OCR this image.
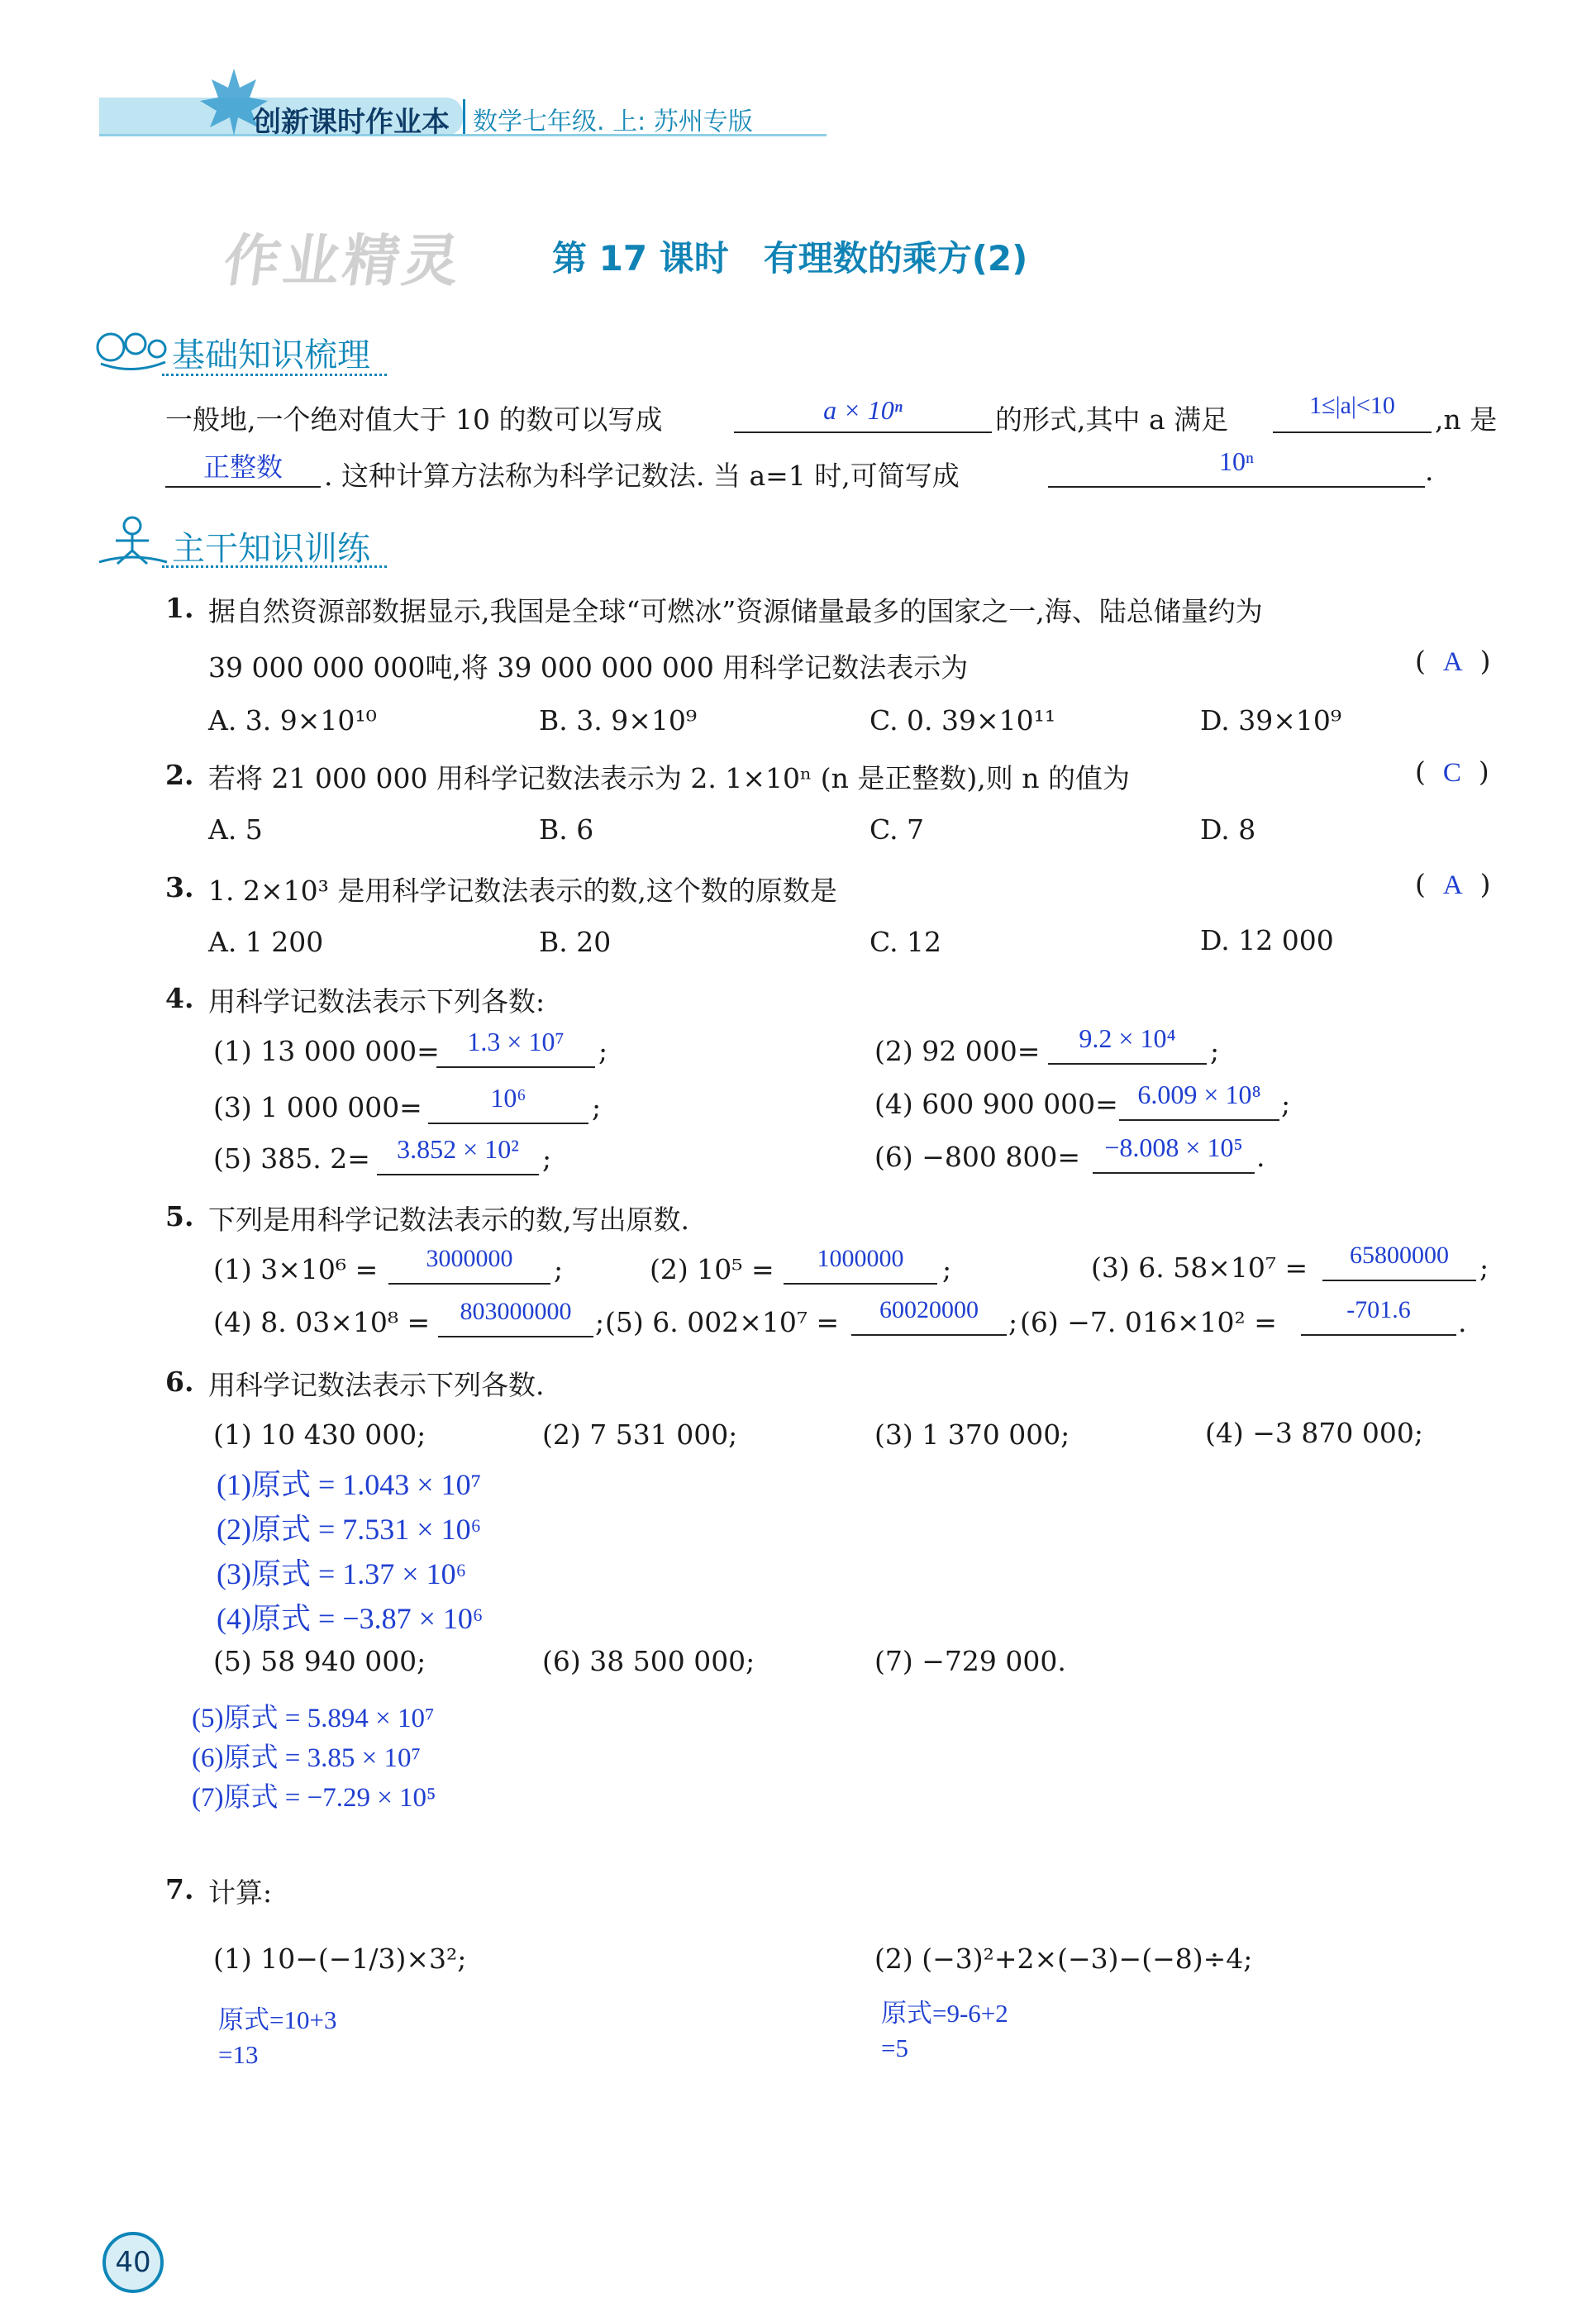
创新课时作业本 数学七年级. 上: 苏州专版
作业精灵 第 17 课时　有理数的乘方(2)
基础知识梳理
一般地,一个绝对值大于 10 的数可以写成	a × 10ⁿ	的形式,其中 a 满足	1≤|a|<10	,n 是
正整数	. 这种计算方法称为科学记数法. 当 a=1 时,可简写成	10ⁿ	.
主干知识训练
1. 据自然资源部数据显示,我国是全球“可燃冰”资源储量最多的国家之一,海、陆总储量约为
39 000 000 000吨,将 39 000 000 000 用科学记数法表示为	(  A  )
A. 3. 9×10¹⁰	B. 3. 9×10⁹	C. 0. 39×10¹¹	D. 39×10⁹
2. 若将 21 000 000 用科学记数法表示为 2. 1×10ⁿ (n 是正整数),则 n 的值为	(  C  )
A. 5	B. 6	C. 7	D. 8
3. 1. 2×10³ 是用科学记数法表示的数,这个数的原数是	(  A  )
A. 1 200	B. 20	C. 12	D. 12 000
4. 用科学记数法表示下列各数:
(1) 13 000 000=	1.3 × 10⁷	;	(2) 92 000=	9.2 × 10⁴	;
(3) 1 000 000=	10⁶	;	(4) 600 900 000= 6.009 × 10⁸ ;
(5) 385. 2=	3.852 × 10² ;	(6) −800 800= −8.008 × 10⁵ .
5. 下列是用科学记数法表示的数,写出原数.
(1) 3×10⁶ =	3000000	;	(2) 10⁵ =	1000000	;	(3) 6. 58×10⁷ =	65800000	;
(4) 8. 03×10⁸ =	803000000 ; (5) 6. 002×10⁷ =	60020000	; (6) −7. 016×10² =	-701.6	.
6. 用科学记数法表示下列各数.
(1) 10 430 000;	(2) 7 531 000;	(3) 1 370 000;	(4) −3 870 000;
(1)原式 = 1.043 × 10⁷
(2)原式 = 7.531 × 10⁶
(3)原式 = 1.37 × 10⁶
(4)原式 = −3.87 × 10⁶
(5) 58 940 000;	(6) 38 500 000;	(7) −729 000.
(5)原式 = 5.894 × 10⁷
(6)原式 = 3.85 × 10⁷
(7)原式 = −7.29 × 10⁵
7. 计算:
(1) 10−(−1/3)×3²;	(2) (−3)²+2×(−3)−(−8)÷4;
原式=10+3
=13
原式=9-6+2
=5
40
